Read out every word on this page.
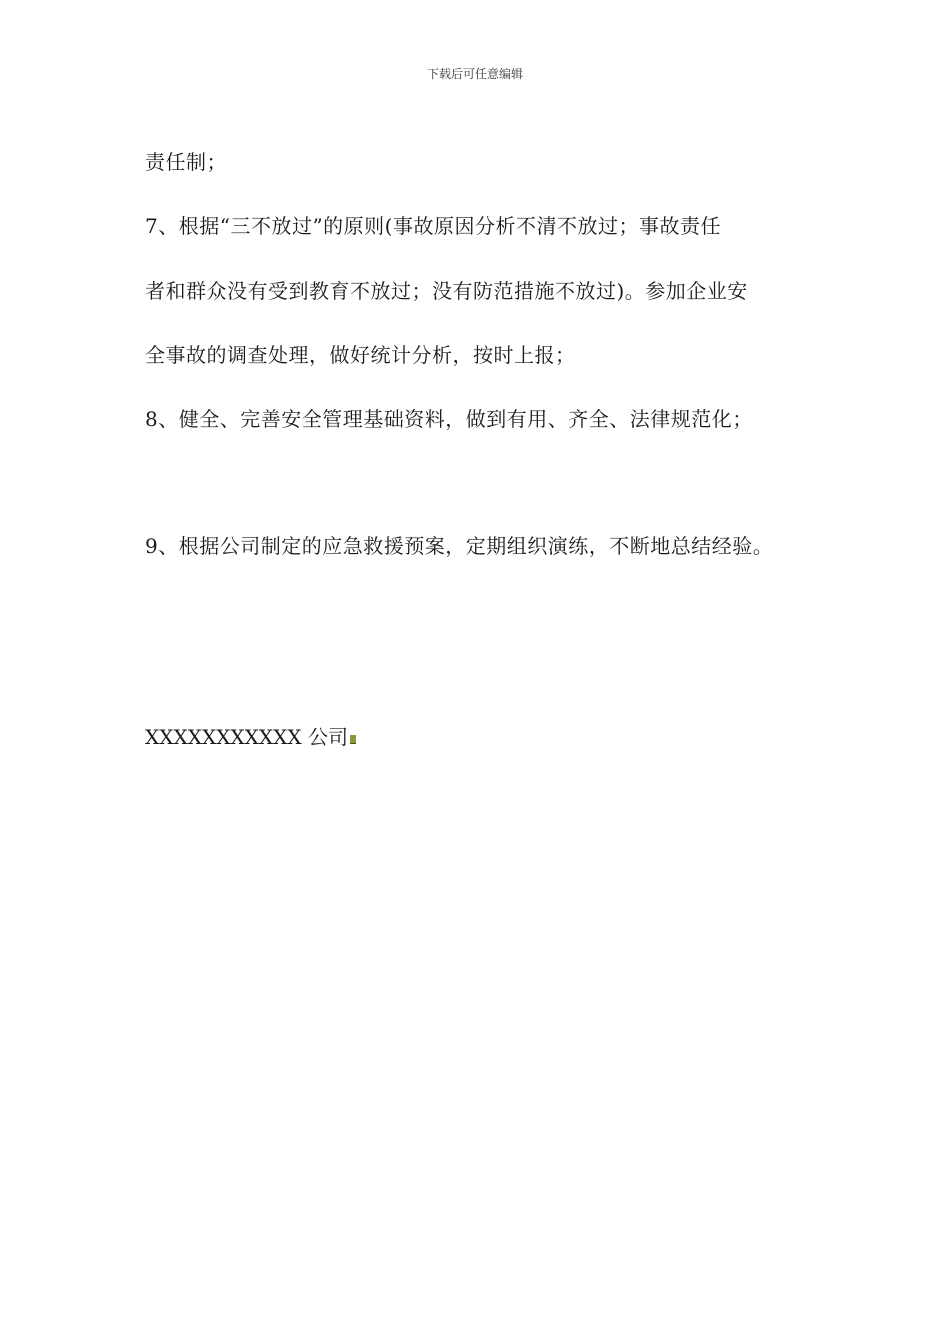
下载后可任意编辑
责任制；
7、根据“三不放过”的原则(事故原因分析不清不放过；事故责任
者和群众没有受到教育不放过；没有防范措施不放过)。参加企业安
全事故的调查处理，做好统计分析，按时上报；
8、健全、完善安全管理基础资料，做到有用、齐全、法律规范化；
9、根据公司制定的应急救援预案，定期组织演练，不断地总结经验。
XXXXXXXXXXX 公司
